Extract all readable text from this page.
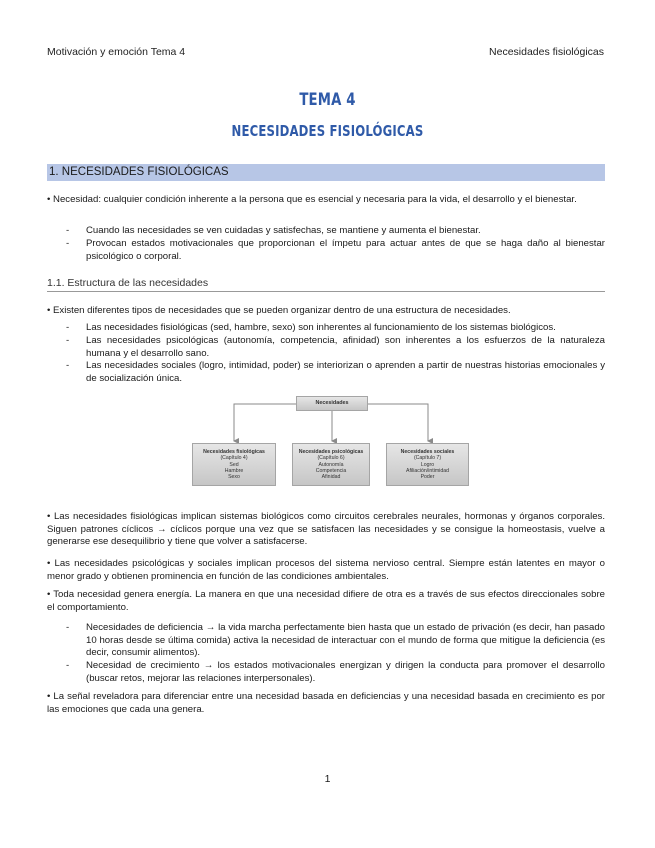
Motivación y emoción Tema 4	Necesidades fisiológicas
TEMA 4
NECESIDADES FISIOLÓGICAS
1. NECESIDADES FISIOLÓGICAS

• Necesidad: cualquier condición inherente a la persona que es esencial y necesaria para la vida, el desarrollo y el bienestar.

- Cuando las necesidades se ven cuidadas y satisfechas, se mantiene y aumenta el bienestar.

- Provocan estados motivacionales que proporcionan el ímpetu para actuar antes de que se haga daño al bienestar psicológico o corporal.

1.1. Estructura de las necesidades

• Existen diferentes tipos de necesidades que se pueden organizar dentro de una estructura de necesidades.

- Las necesidades fisiológicas (sed, hambre, sexo) son inherentes al funcionamiento de los sistemas biológicos.

- Las necesidades psicológicas (autonomía, competencia, afinidad) son inherentes a los esfuerzos de la naturaleza humana y el desarrollo sano.

- Las necesidades sociales (logro, intimidad, poder) se interiorizan o aprenden a partir de nuestras historias emocionales y de socialización única.

Necesidades
Necesidades fisiológicas
(Capítulo 4)
Sed
Hambre
Sexo
Necesidades psicológicas
(Capítulo 6)
Autonomía
Competencia
Afinidad
Necesidades sociales
(Capítulo 7)
Logro
Afiliación/intimidad
Poder

• Las necesidades fisiológicas implican sistemas biológicos como circuitos cerebrales neurales, hormonas y órganos corporales. Siguen patrones cíclicos → cíclicos porque una vez que se satisfacen las necesidades y se consigue la homeostasis, vuelve a generarse ese desequilibrio y tiene que volver a satisfacerse.

• Las necesidades psicológicas y sociales implican procesos del sistema nervioso central. Siempre están latentes en mayor o menor grado y obtienen prominencia en función de las condiciones ambientales.

• Toda necesidad genera energía. La manera en que una necesidad difiere de otra es a través de sus efectos direccionales sobre el comportamiento.

- Necesidades de deficiencia → la vida marcha perfectamente bien hasta que un estado de privación (es decir, han pasado 10 horas desde se última comida) activa la necesidad de interactuar con el mundo de forma que mitigue la deficiencia (es decir, consumir alimentos).

- Necesidad de crecimiento → los estados motivacionales energizan y dirigen la conducta para promover el desarrollo (buscar retos, mejorar las relaciones interpersonales).

• La señal reveladora para diferenciar entre una necesidad basada en deficiencias y una necesidad basada en crecimiento es por las emociones que cada una genera.

1
